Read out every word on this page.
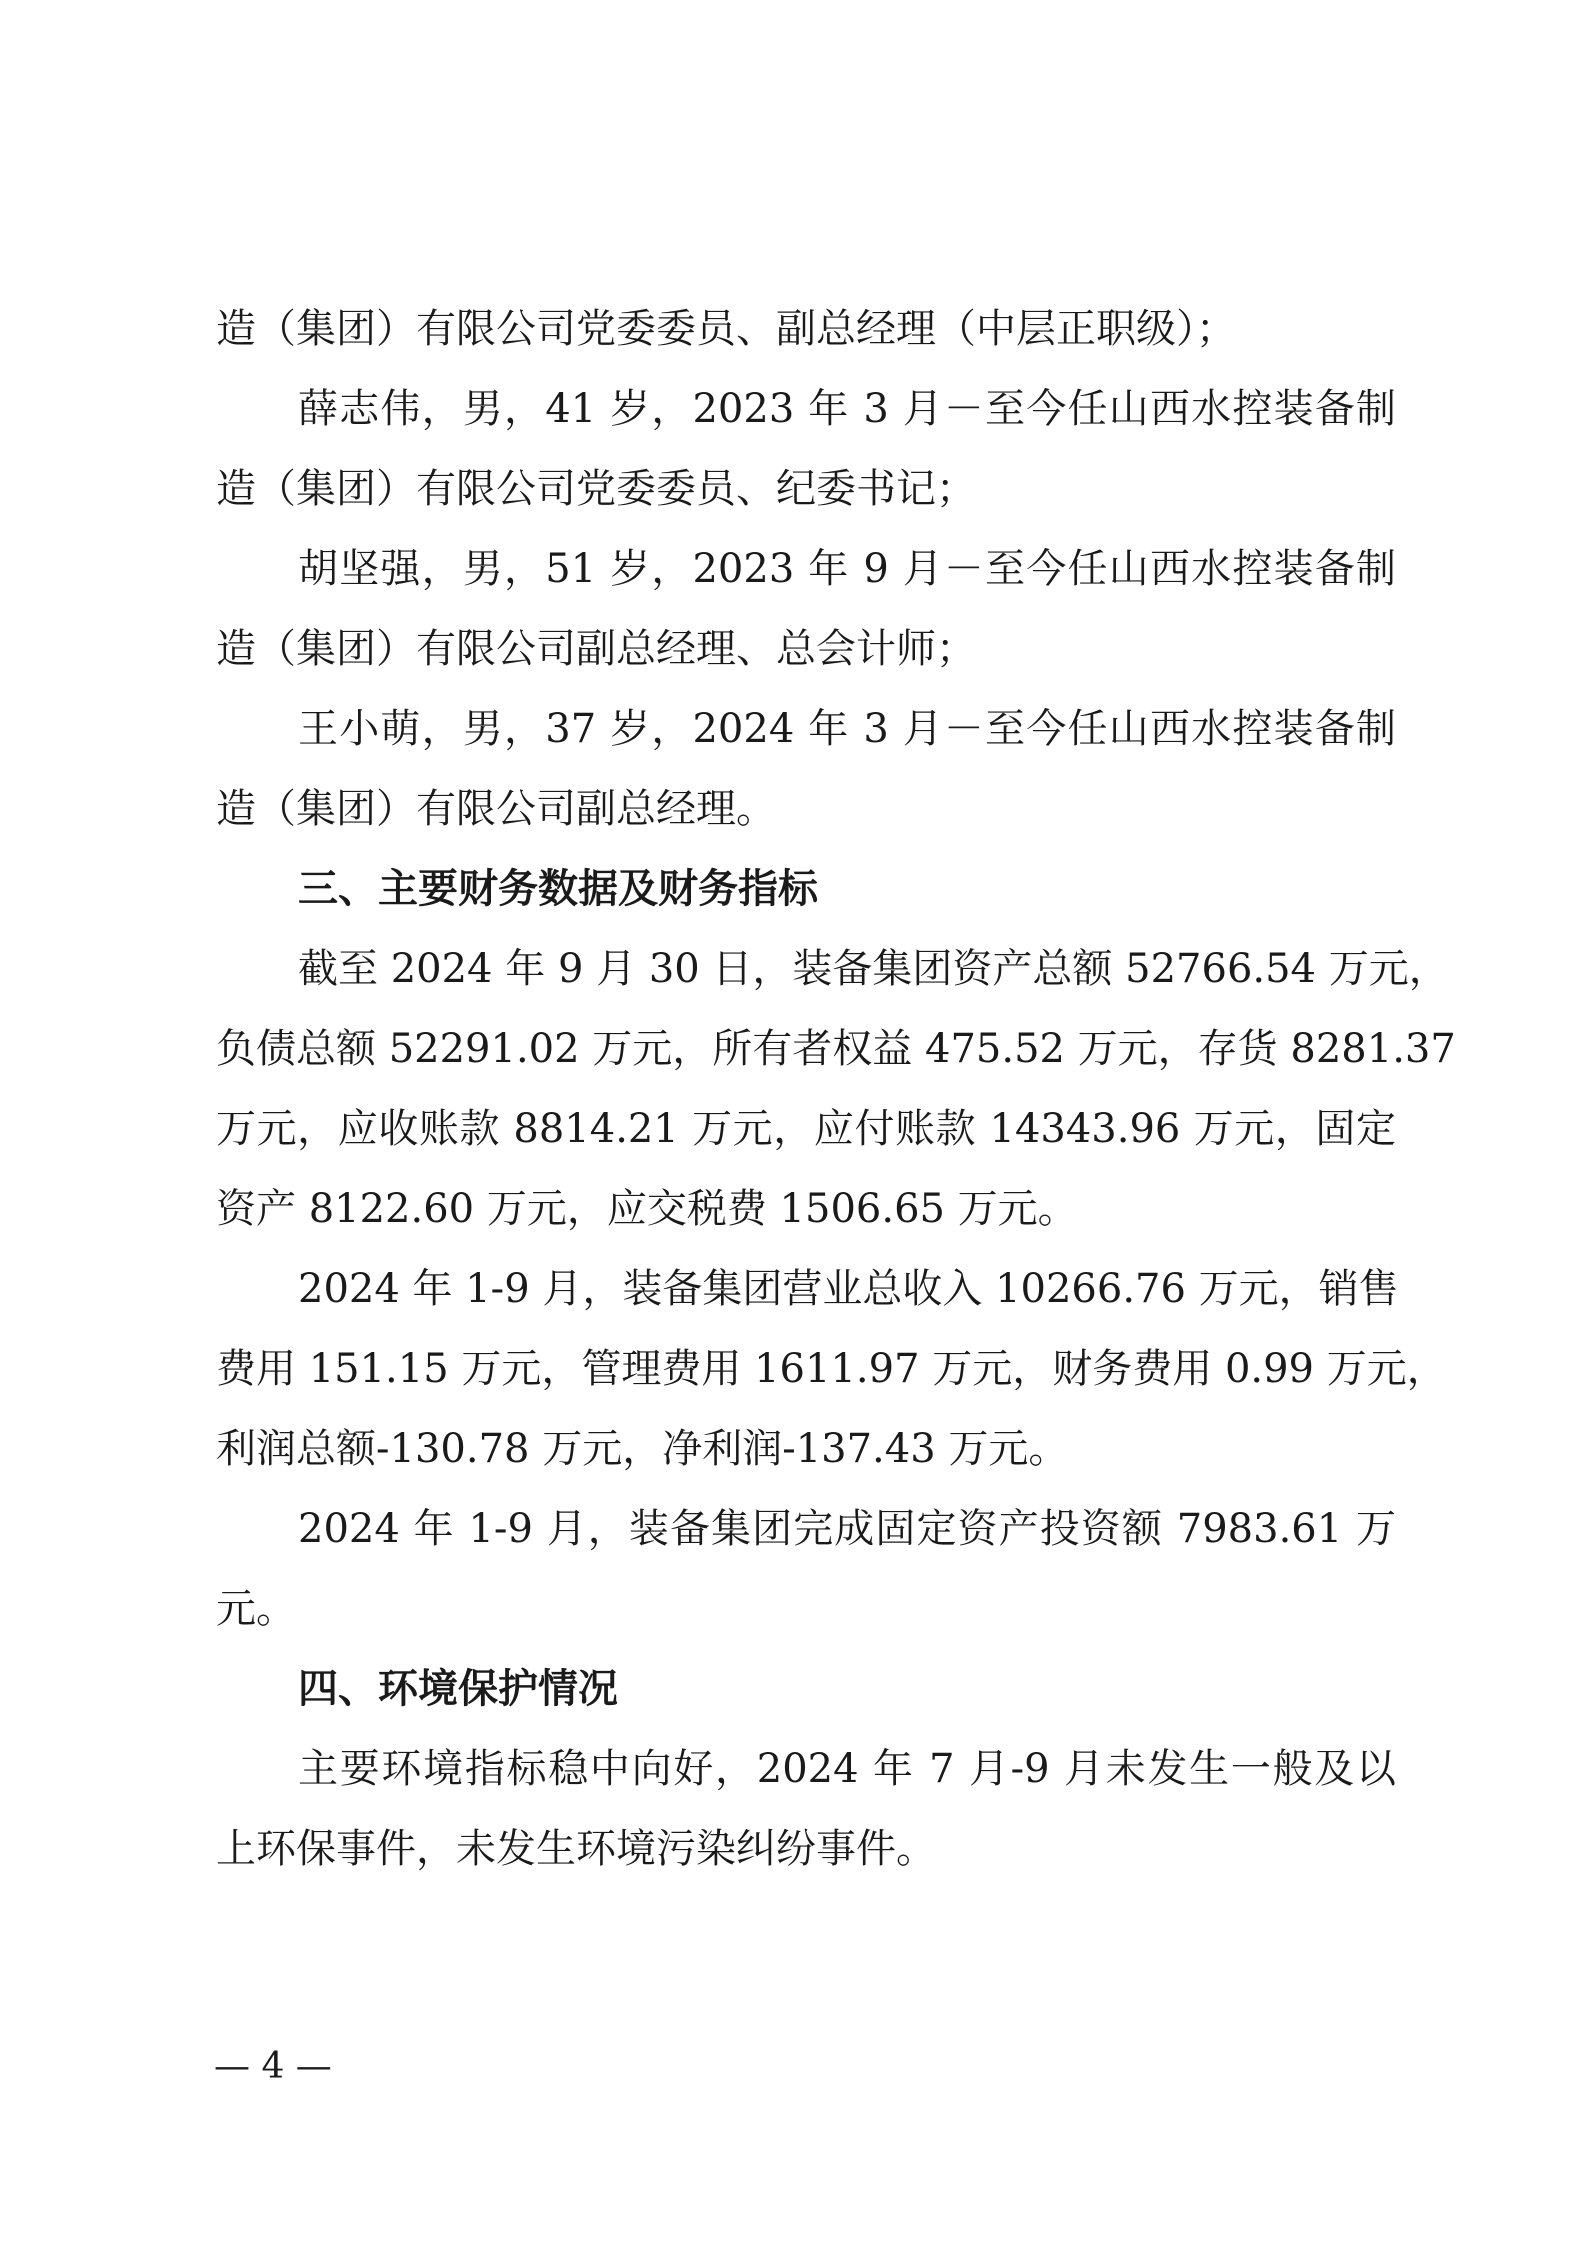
造（集团）有限公司党委委员、副总经理（中层正职级）；
薛志伟，男，41 岁，2023 年 3 月－至今任山西水控装备制
造（集团）有限公司党委委员、纪委书记；
胡坚强，男，51 岁，2023 年 9 月－至今任山西水控装备制
造（集团）有限公司副总经理、总会计师；
王小萌，男，37 岁，2024 年 3 月－至今任山西水控装备制
造（集团）有限公司副总经理。
三、主要财务数据及财务指标
截至 2024 年 9 月 30 日，装备集团资产总额 52766.54 万元，
负债总额 52291.02 万元，所有者权益 475.52 万元，存货 8281.37
万元，应收账款 8814.21 万元，应付账款 14343.96 万元，固定
资产 8122.60 万元，应交税费 1506.65 万元。
2024 年 1-9 月，装备集团营业总收入 10266.76 万元，销售
费用 151.15 万元，管理费用 1611.97 万元，财务费用 0.99 万元，
利润总额-130.78 万元，净利润-137.43 万元。
2024 年 1-9 月，装备集团完成固定资产投资额 7983.61 万
元。
四、环境保护情况
主要环境指标稳中向好，2024 年 7 月-9 月未发生一般及以
上环保事件，未发生环境污染纠纷事件。
— 4 —
